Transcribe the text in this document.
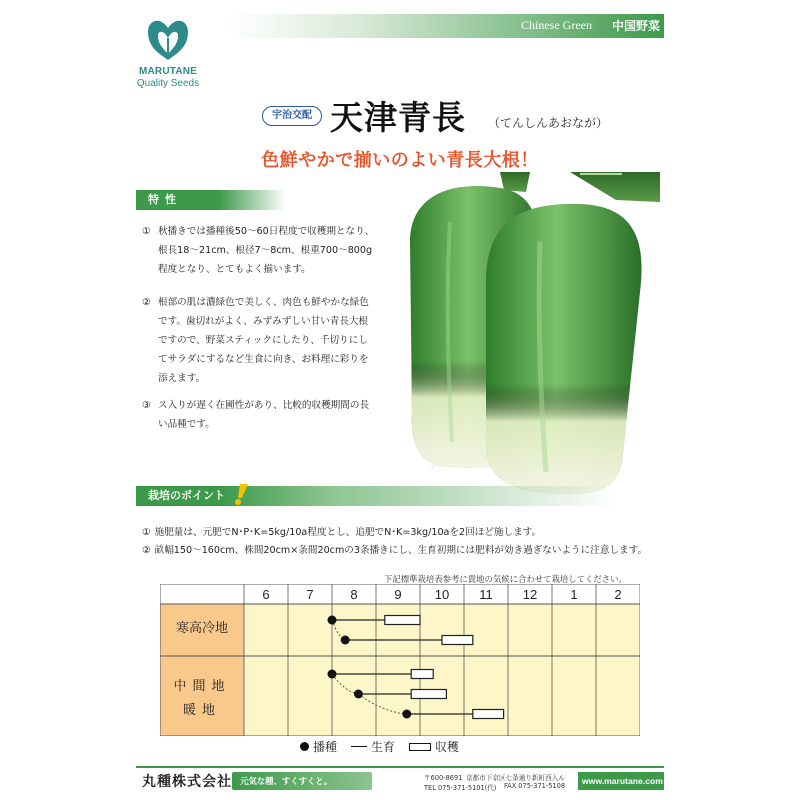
MARUTANE
Quality Seeds
Chinese Green 中国野菜
宇治交配 天津青長 （てんしんあおなが）
色鮮やかで揃いのよい青長大根！
特性
① 秋播きでは播種後50～60日程度で収穫期となり、根長18～21cm、根径7～8cm、根重700～800g程度となり、とてもよく揃います。
② 根部の肌は濃緑色で美しく、肉色も鮮やかな緑色です。歯切れがよく、みずみずしい甘い青長大根ですので、野菜スティックにしたり、千切りにしてサラダにするなど生食に向き、お料理に彩りを添えます。
③ ス入りが遅く在圃性があり、比較的収穫期間の長い品種です。
栽培のポイント
① 施肥量は、元肥でN･P･K=5kg/10a程度とし、追肥でN･K=3kg/10aを2回ほど施します。
② 畝幅150～160cm、株間20cm×条間20cmの3条播きにし、生育初期には肥料が効き過ぎないように注意します。
下記標準栽培表参考に貴地の気候に合わせて栽培してください。
6	7	8	9	10 11 12	1	2
寒高冷地
中間地
暖地
播種	生育	収穫
丸種株式会社 元気な種、すくすくと。	〒600-8691 京都市下京区七条通り新町西入ル
TEL 075-371-5101(代) FAX 075-371-5108 www.marutane.com
